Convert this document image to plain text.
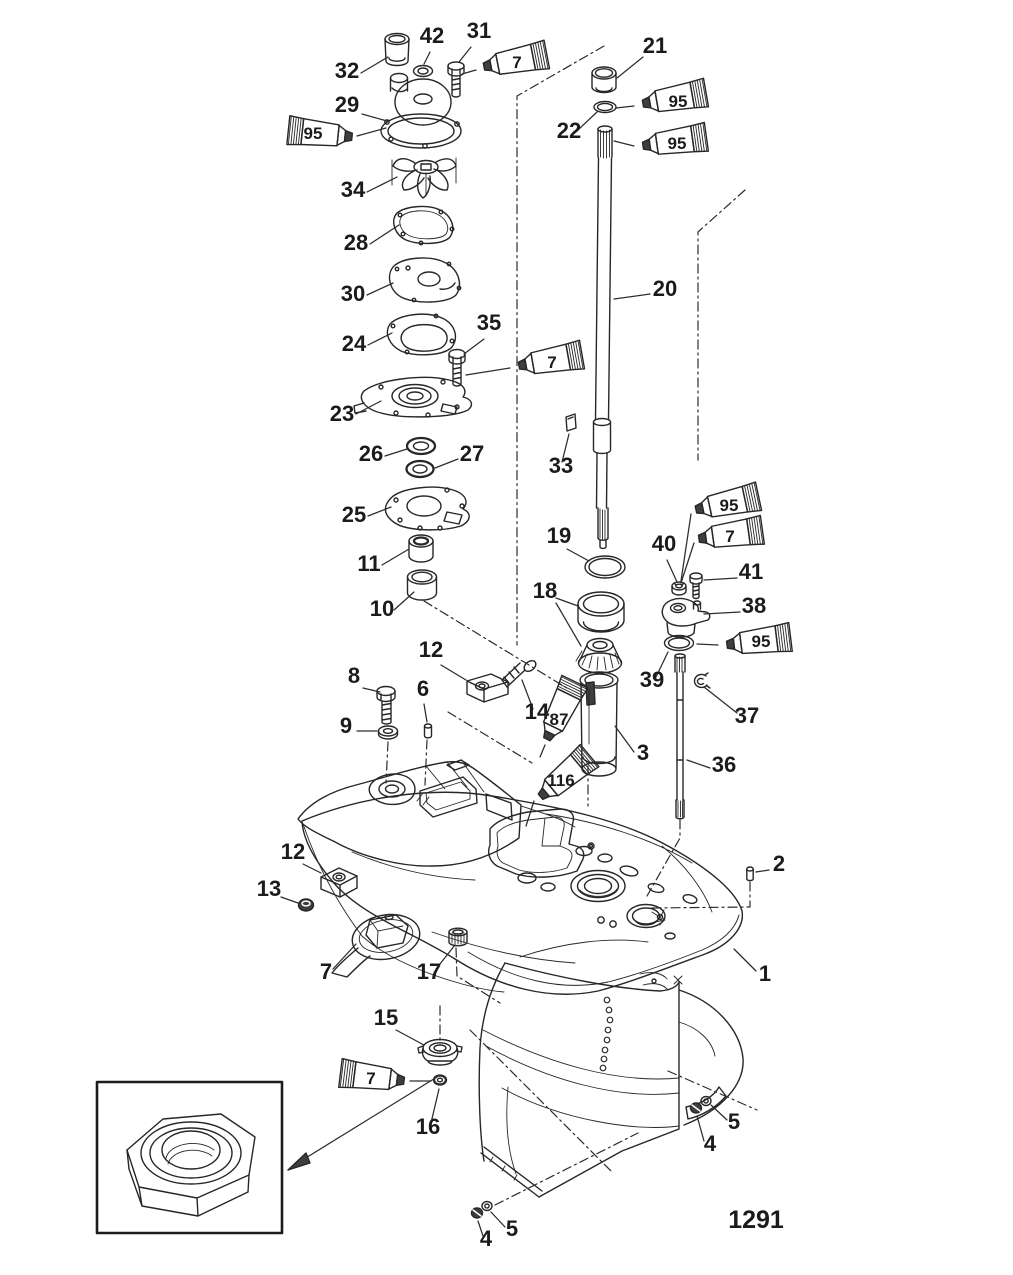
32
42 31
21
29
22
34
28
30
24
35
23
26	27	33
25
20
19
11
18
40
10
41
38
39
12
8
6
14
9
3
37
36
12
13
2
7	17	1
15
16	5
4
4 5
7
95
95
95
7
95
7
95
87
116
7
1291
